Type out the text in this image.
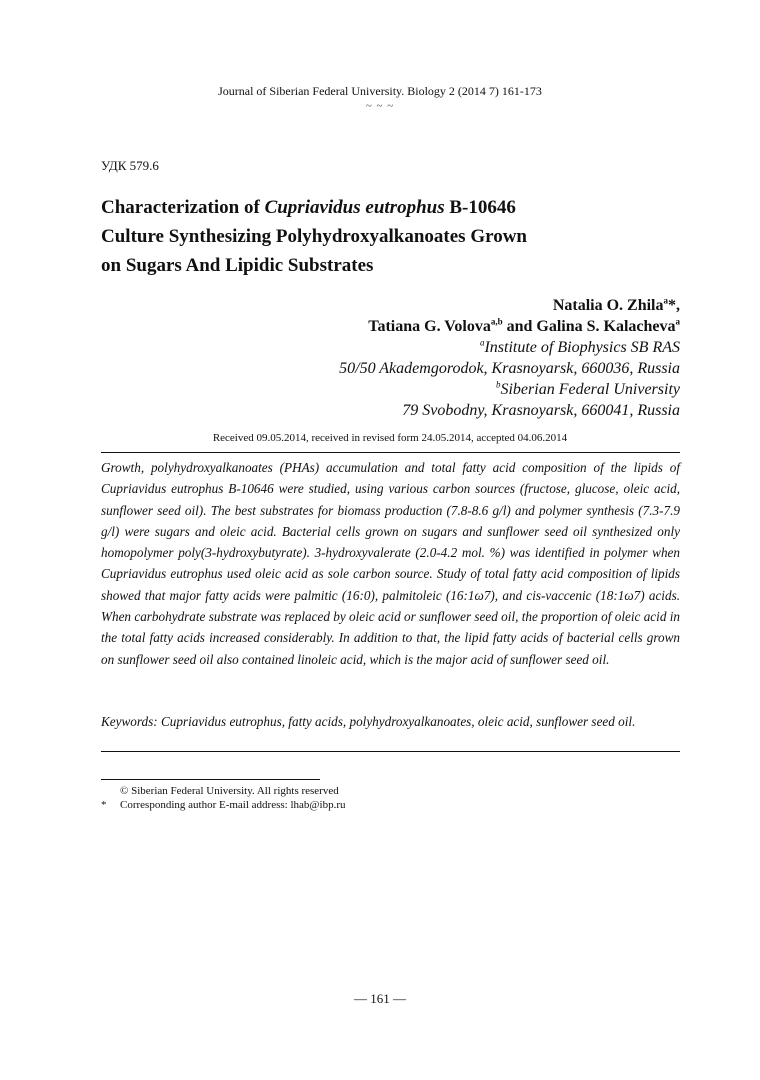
Journal of Siberian Federal University. Biology 2 (2014 7) 161-173
~ ~ ~
УДК 579.6
Characterization of Cupriavidus eutrophus B-10646
Culture Synthesizing Polyhydroxyalkanoates Grown
on Sugars And Lipidic Substrates
Natalia O. Zhila$^a$*,
Tatiana G. Volova$^{a,b}$ and Galina S. Kalacheva$^a$
$^a$Institute of Biophysics SB RAS
50/50 Akademgorodok, Krasnoyarsk, 660036, Russia
$^b$Siberian Federal University
79 Svobodny, Krasnoyarsk, 660041, Russia
Received 09.05.2014, received in revised form 24.05.2014, accepted 04.06.2014
Growth, polyhydroxyalkanoates (PHAs) accumulation and total fatty acid composition of the lipids of Cupriavidus eutrophus B-10646 were studied, using various carbon sources (fructose, glucose, oleic acid, sunflower seed oil). The best substrates for biomass production (7.8-8.6 g/l) and polymer synthesis (7.3-7.9 g/l) were sugars and oleic acid. Bacterial cells grown on sugars and sunflower seed oil synthesized only homopolymer poly(3-hydroxybutyrate). 3-hydroxyvalerate (2.0-4.2 mol. %) was identified in polymer when Cupriavidus eutrophus used oleic acid as sole carbon source. Study of total fatty acid composition of lipids showed that major fatty acids were palmitic (16:0), palmitoleic (16:1ω7), and cis-vaccenic (18:1ω7) acids. When carbohydrate substrate was replaced by oleic acid or sunflower seed oil, the proportion of oleic acid in the total fatty acids increased considerably. In addition to that, the lipid fatty acids of bacterial cells grown on sunflower seed oil also contained linoleic acid, which is the major acid of sunflower seed oil.
Keywords: Cupriavidus eutrophus, fatty acids, polyhydroxyalkanoates, oleic acid, sunflower seed oil.
© Siberian Federal University. All rights reserved
*	Corresponding author E-mail address: lhab@ibp.ru
— 161 —
